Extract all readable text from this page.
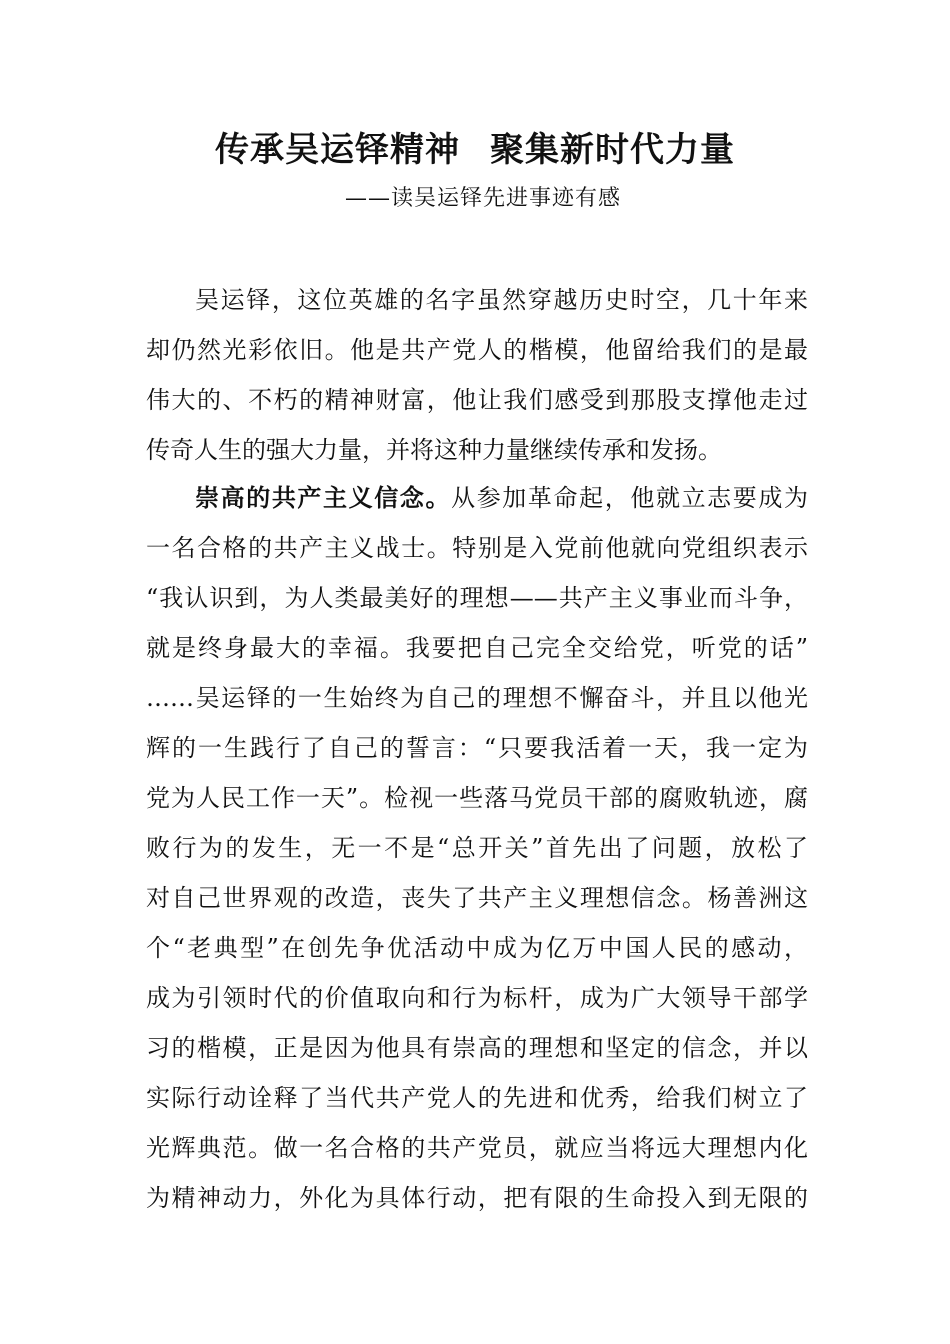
传承吴运铎精神 聚集新时代力量
——读吴运铎先进事迹有感
吴运铎，这位英雄的名字虽然穿越历史时空，几十年来
却仍然光彩依旧。他是共产党人的楷模，他留给我们的是最
伟大的、不朽的精神财富，他让我们感受到那股支撑他走过
传奇人生的强大力量，并将这种力量继续传承和发扬。
崇高的共产主义信念。从参加革命起，他就立志要成为
一名合格的共产主义战士。特别是入党前他就向党组织表示
“我认识到，为人类最美好的理想——共产主义事业而斗争，
就是终身最大的幸福。我要把自己完全交给党，听党的话”
……吴运铎的一生始终为自己的理想不懈奋斗，并且以他光
辉的一生践行了自己的誓言：“只要我活着一天，我一定为
党为人民工作一天”。检视一些落马党员干部的腐败轨迹，腐
败行为的发生，无一不是“总开关”首先出了问题，放松了
对自己世界观的改造，丧失了共产主义理想信念。杨善洲这
个“老典型”在创先争优活动中成为亿万中国人民的感动，
成为引领时代的价值取向和行为标杆，成为广大领导干部学
习的楷模，正是因为他具有崇高的理想和坚定的信念，并以
实际行动诠释了当代共产党人的先进和优秀，给我们树立了
光辉典范。做一名合格的共产党员，就应当将远大理想内化
为精神动力，外化为具体行动，把有限的生命投入到无限的
